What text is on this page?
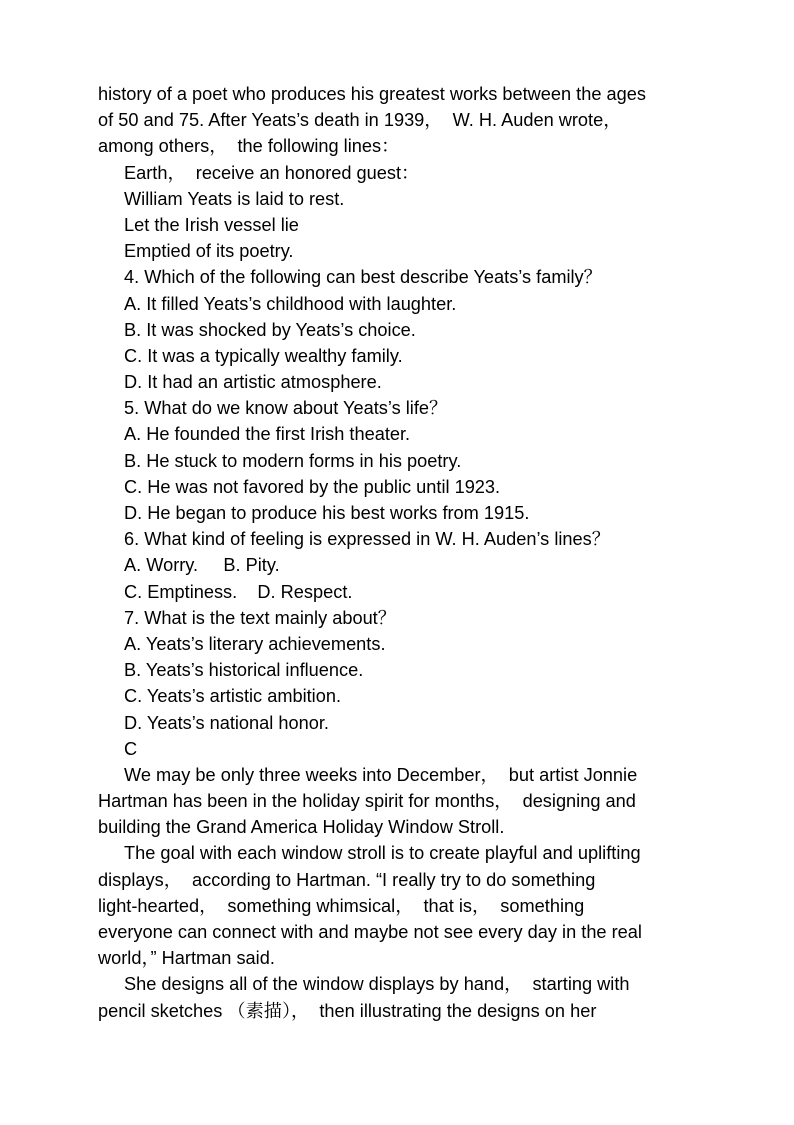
history of a poet who produces his greatest works between the ages
of 50 and 75. After Yeats’s death in 1939，  W. H. Auden wrote，
among others，  the following lines：
Earth，  receive an honored guest：
William Yeats is laid to rest.
Let the Irish vessel lie
Emptied of its poetry.
4. Which of the following can best describe Yeats’s family？
A. It filled Yeats’s childhood with laughter.
B. It was shocked by Yeats’s choice.
C. It was a typically wealthy family.
D. It had an artistic atmosphere.
5. What do we know about Yeats’s life？
A. He founded the first Irish theater.
B. He stuck to modern forms in his poetry.
C. He was not favored by the public until 1923.
D. He began to produce his best works from 1915.
6. What kind of feeling is expressed in W. H. Auden’s lines？
A. Worry.     B. Pity.
C. Emptiness.    D. Respect.
7. What is the text mainly about？
A. Yeats’s literary achievements.
B. Yeats’s historical influence.
C. Yeats’s artistic ambition.
D. Yeats’s national honor.
C
We may be only three weeks into December，  but artist Jonnie
Hartman has been in the holiday spirit for months，  designing and
building the Grand America Holiday Window Stroll.
The goal with each window stroll is to create playful and uplifting
displays，  according to Hartman. “I really try to do something
light-hearted，  something whimsical，  that is，  something
everyone can connect with and maybe not see every day in the real
world，” Hartman said.
She designs all of the window displays by hand，  starting with
pencil sketches （素描），  then illustrating the designs on her
